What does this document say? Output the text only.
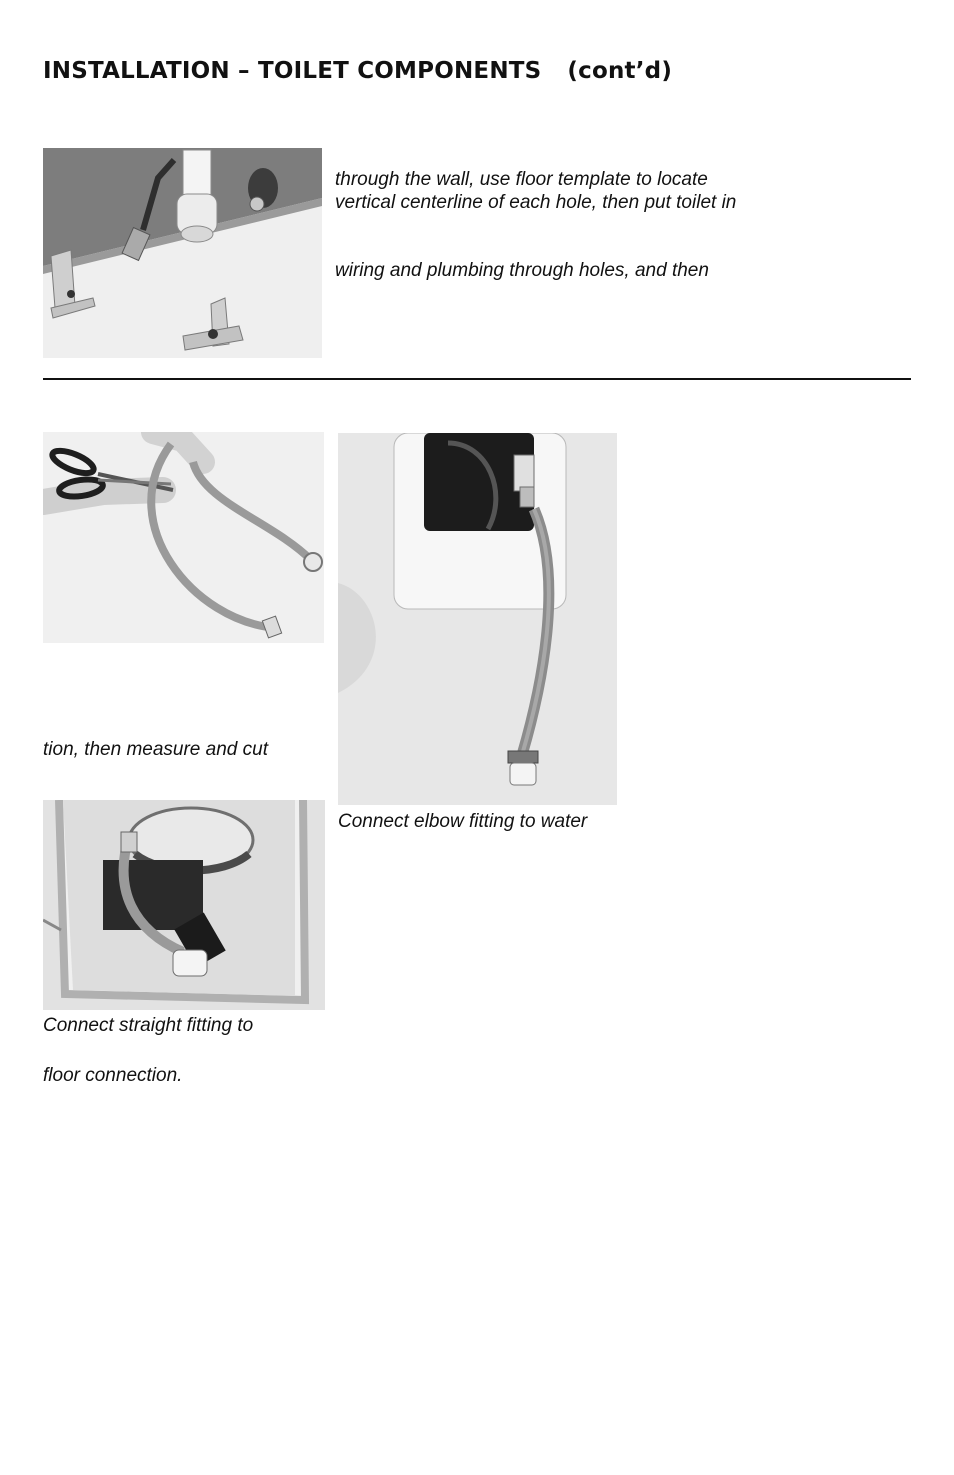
INSTALLATION – TOILET COMPONENTS (cont’d)

through the wall, use floor template to locate

vertical centerline of each hole, then put toilet in

wiring and plumbing through holes, and then

tion, then measure and cut

Connect elbow fitting to water

Connect straight fitting to

floor connection.
